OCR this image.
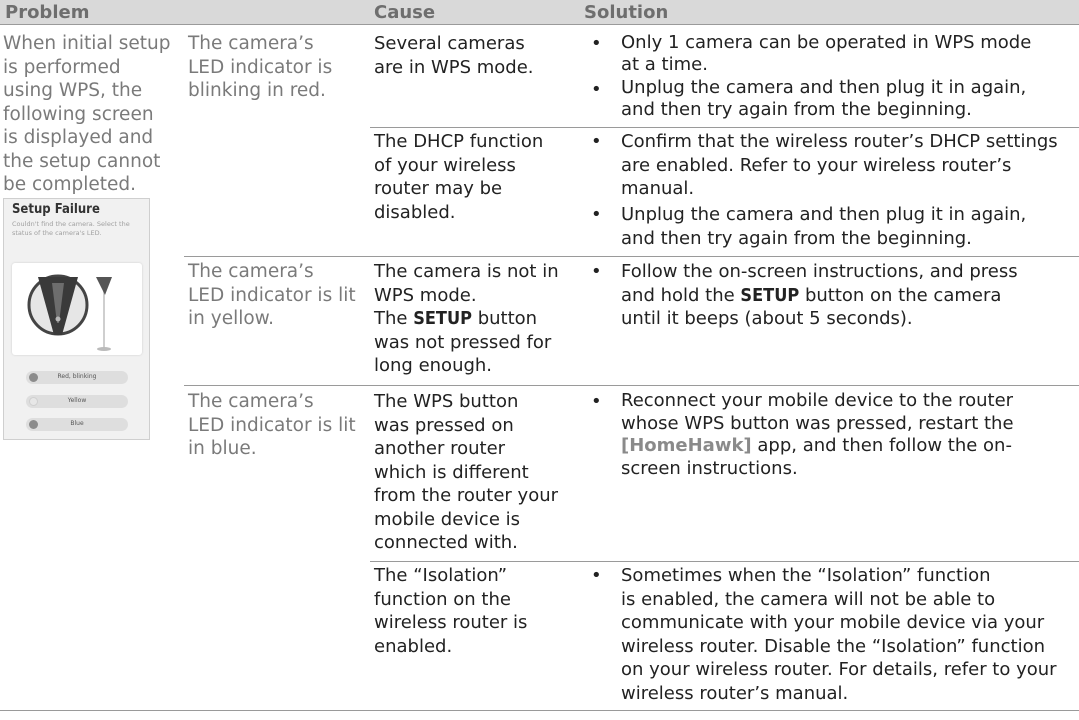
Problem	Cause	Solution
When initial setup
is performed
using WPS, the
following screen
is displayed and
the setup cannot
be completed.
Setup Failure
Couldn't find the camera. Select the status of the camera's LED.
Red, blinking
Yellow
Blue
The camera’s
LED indicator is
blinking in red.
The camera’s
LED indicator is lit
in yellow.
The camera’s
LED indicator is lit
in blue.
Several cameras
are in WPS mode.
The DHCP function
of your wireless
router may be
disabled.
The camera is not in
WPS mode.
The SETUP button
was not pressed for
long enough.
The WPS button
was pressed on
another router
which is different
from the router your
mobile device is
connected with.
The “Isolation”
function on the
wireless router is
enabled.
•
•
•
•
•
•
•
Only 1 camera can be operated in WPS mode
at a time.
Unplug the camera and then plug it in again,
and then try again from the beginning.
Confirm that the wireless router’s DHCP settings
are enabled. Refer to your wireless router’s
manual.
Unplug the camera and then plug it in again,
and then try again from the beginning.
Follow the on-screen instructions, and press
and hold the SETUP button on the camera
until it beeps (about 5 seconds).
Reconnect your mobile device to the router
whose WPS button was pressed, restart the
[HomeHawk] app, and then follow the on-
screen instructions.
Sometimes when the “Isolation” function
is enabled, the camera will not be able to
communicate with your mobile device via your
wireless router. Disable the “Isolation” function
on your wireless router. For details, refer to your
wireless router’s manual.
